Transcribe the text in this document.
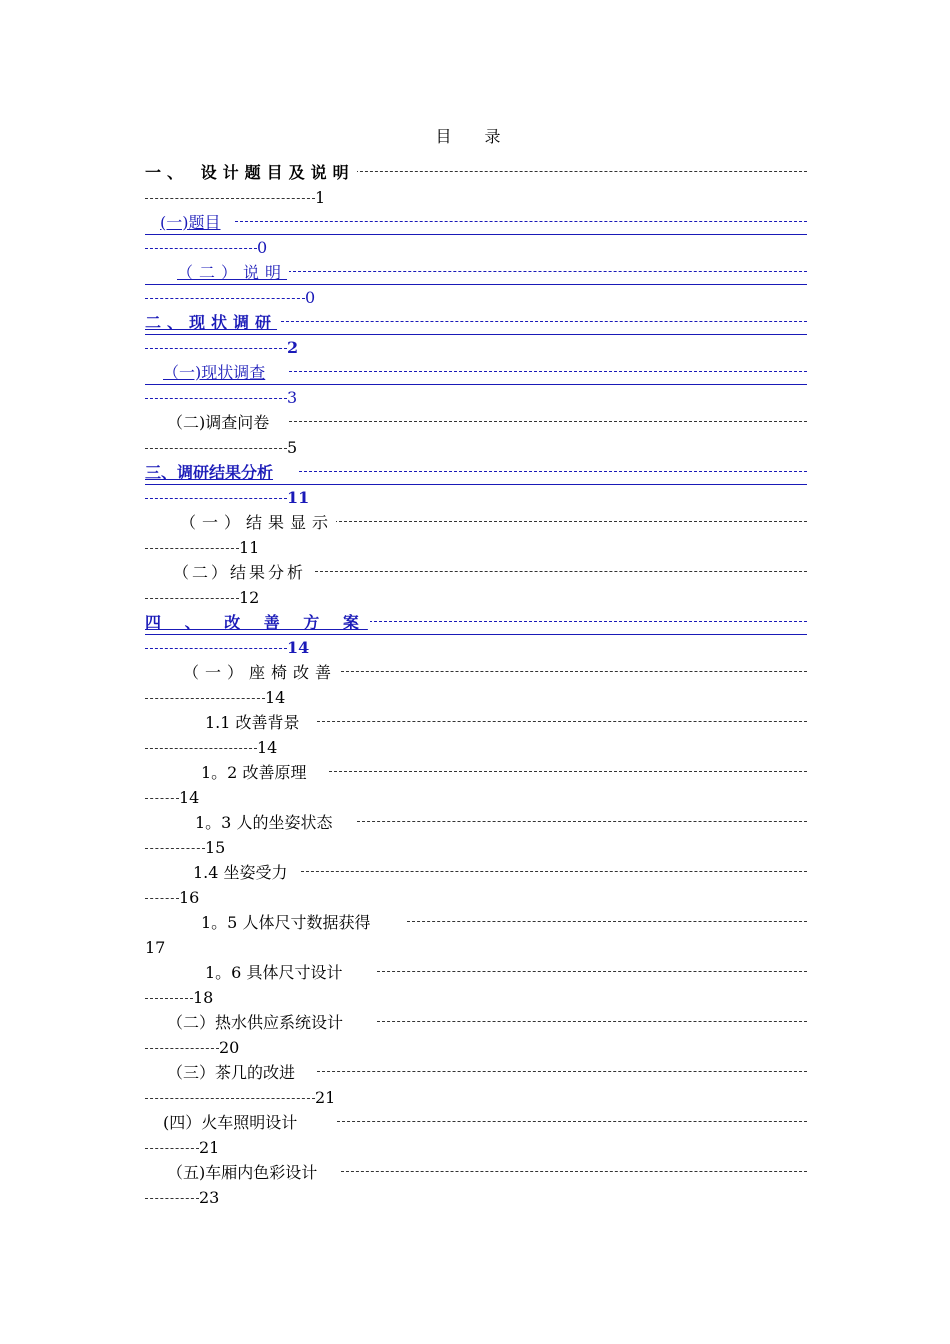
目 录
一、 设计题目及说明
1
(一)题目
0
（二）说明
0
二、现状调研
2
（一)现状调查
3
（二)调查问卷
5
三、调研结果分析
11
（一）结果显示
11
（二）结果分析
12
四 、 改 善 方 案
14
（一）座椅改善
14
1.1 改善背景
14
1。2 改善原理
14
1。3 人的坐姿状态
15
1.4 坐姿受力
16
1。5 人体尺寸数据获得
17
1。6 具体尺寸设计
18
（二）热水供应系统设计
20
（三）茶几的改进
21
(四）火车照明设计
21
（五)车厢内色彩设计
23
